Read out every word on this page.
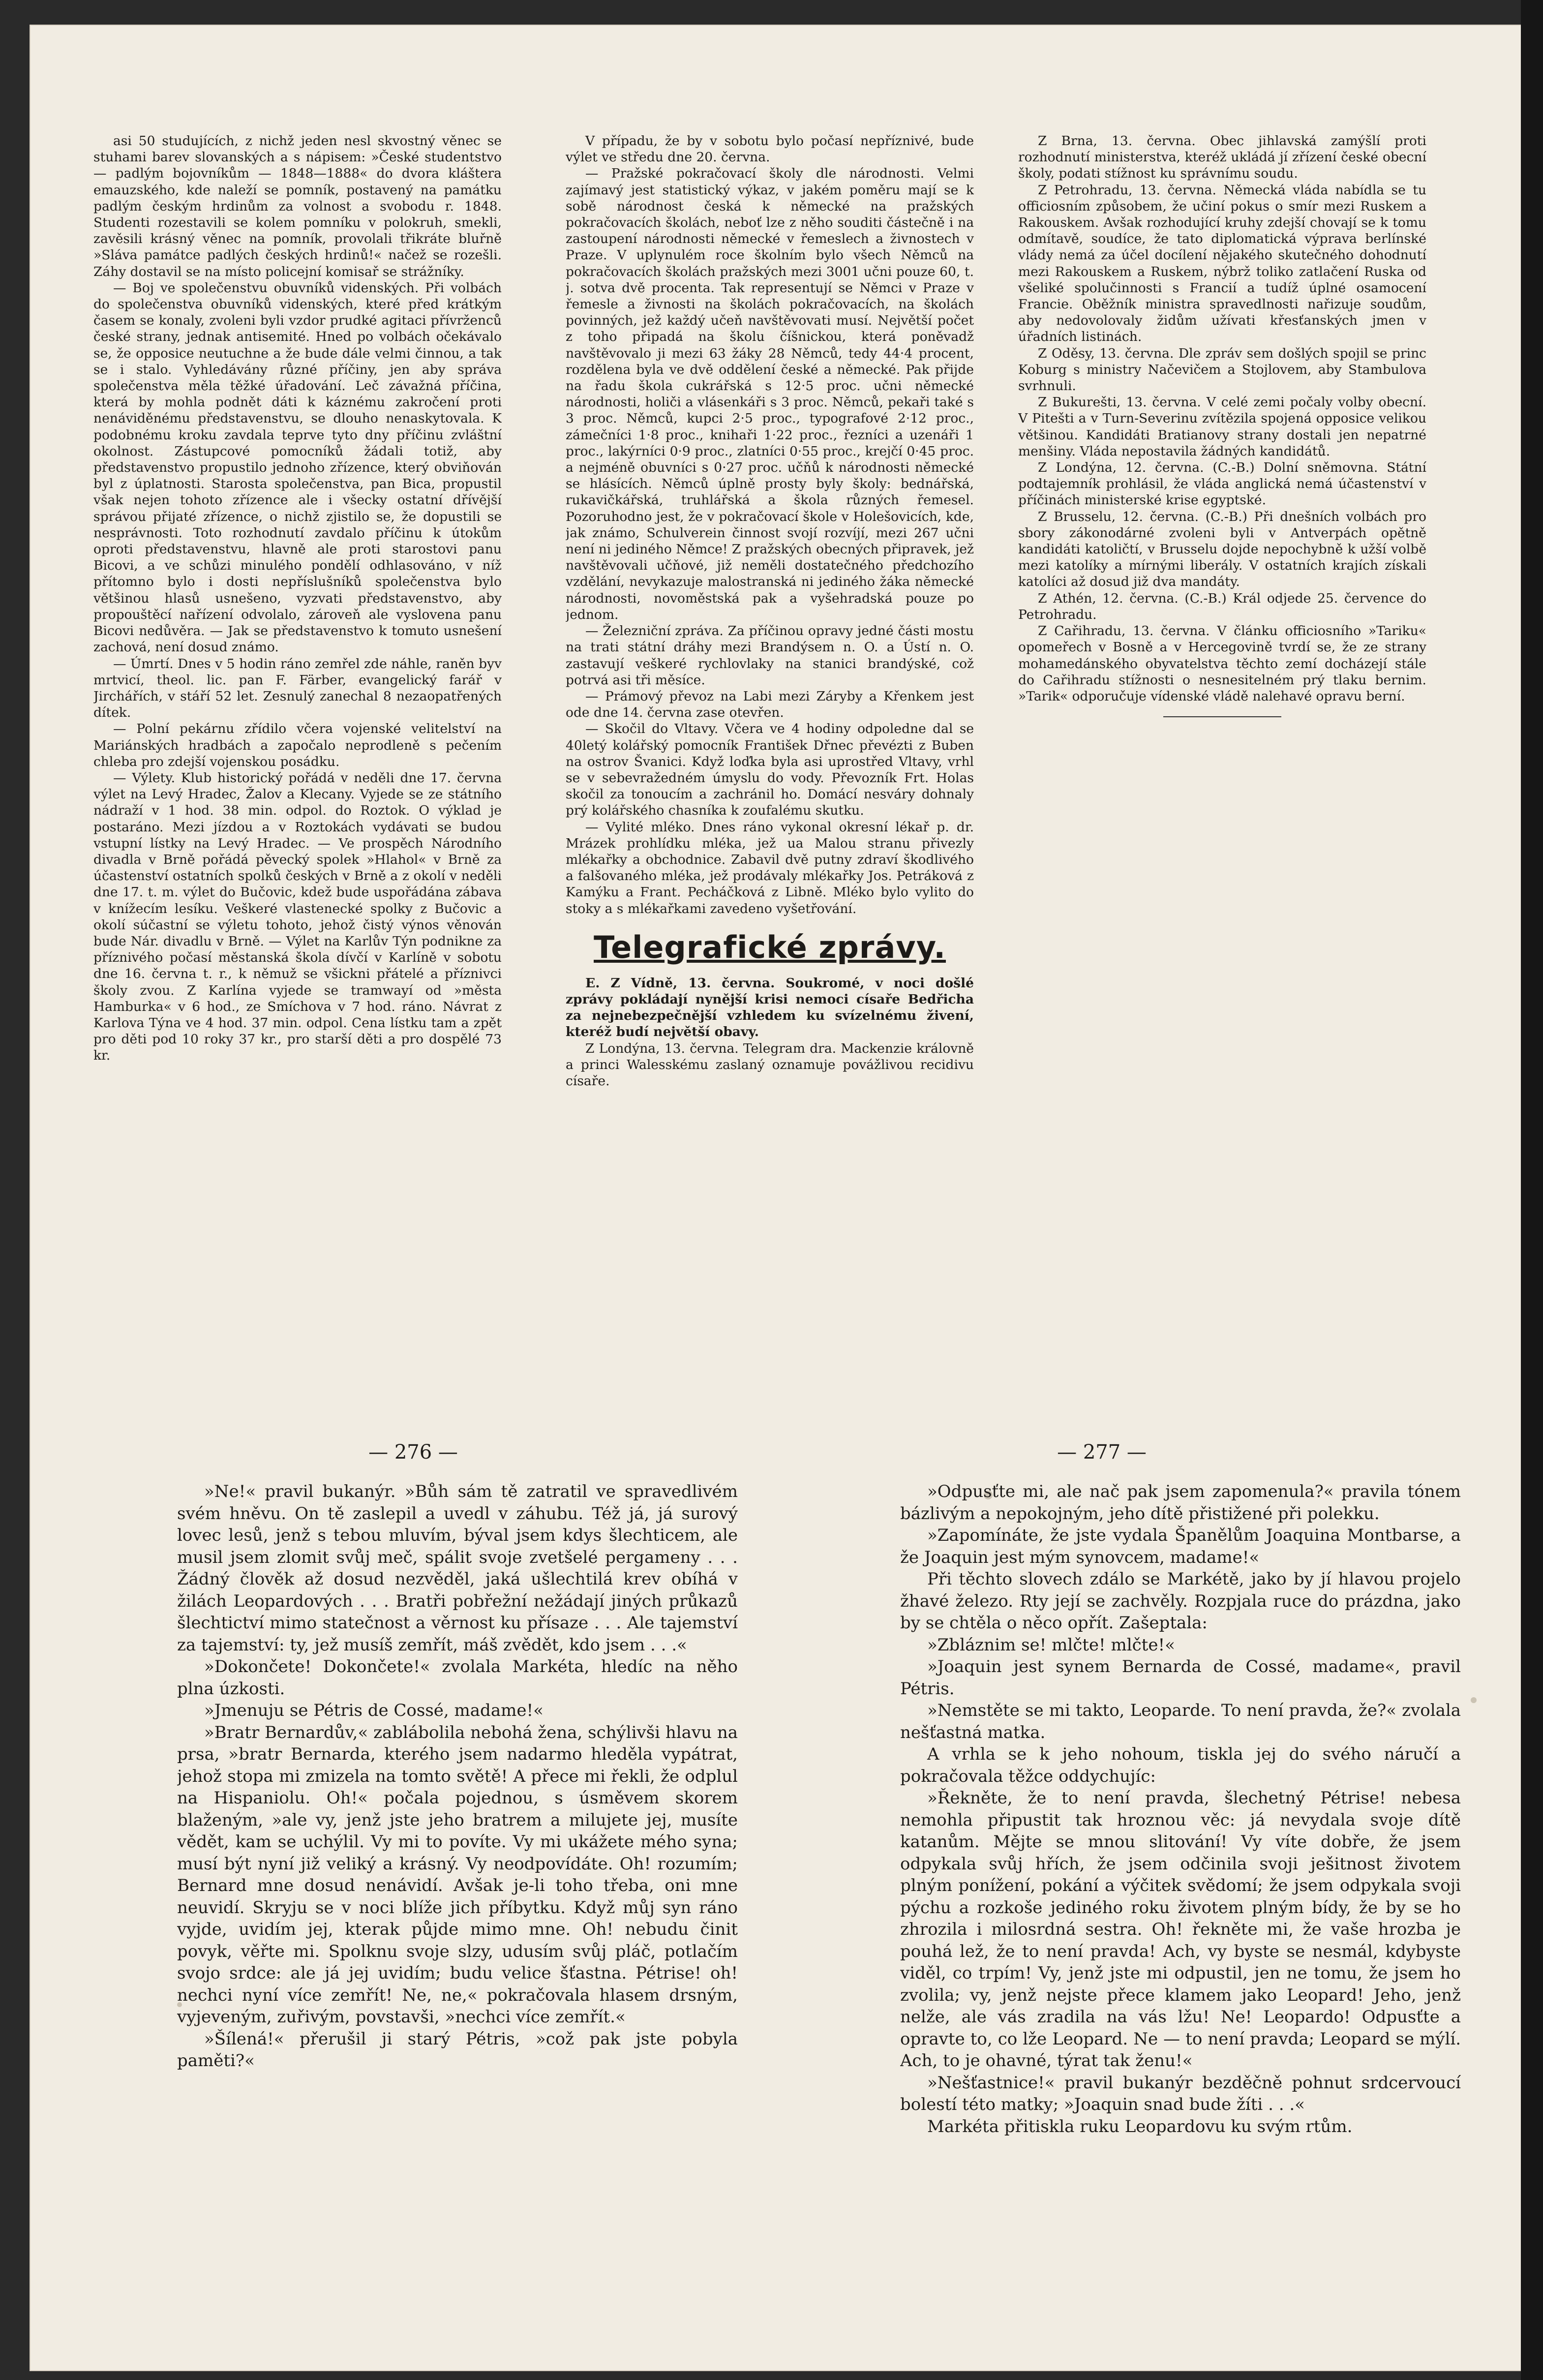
asi 50 studujících, z nichž jeden nesl skvostný věnec se stuhami barev slovanských a s nápisem: »České studentstvo — padlým bojovníkům — 1848—1888« do dvora kláštera emauzského, kde naleží se pomník, postavený na památku padlým českým hrdinům za volnost a svobodu r. 1848. Studenti rozestavili se kolem pomníku v polokruh, smekli, zavěsili krásný věnec na pomník, provolali třikráte bluřně »Sláva památce padlých českých hrdinů!« načež se rozešli. Záhy dostavil se na místo policejní komisař se strážníky.

— Boj ve společenstvu obuvníků videnských. Při volbách do společenstva obuvníků videnských, které před krátkým časem se konaly, zvoleni byli vzdor prudké agitaci přívrženců české strany, jednak antisemité. Hned po volbách očekávalo se, že opposice neutuchne a že bude dále velmi činnou, a tak se i stalo. Vyhledávány různé příčiny, jen aby správa společenstva měla těžké úřadování. Leč závažná příčina, která by mohla podnět dáti k káznému zakročení proti nenáviděnému představenstvu, se dlouho nenaskytovala. K podobnému kroku zavdala teprve tyto dny příčinu zvláštní okolnost. Zástupcové pomocníků žádali totiž, aby představenstvo propustilo jednoho zřízence, který obviňován byl z úplatnosti. Starosta společenstva, pan Bica, propustil však nejen tohoto zřízence ale i všecky ostatní dřívější správou přijaté zřízence, o nichž zjistilo se, že dopustili se nesprávnosti. Toto rozhodnutí zavdalo příčinu k útokům oproti představenstvu, hlavně ale proti starostovi panu Bicovi, a ve schůzi minulého pondělí odhlasováno, v níž přítomno bylo i dosti nepříslušníků společenstva bylo většinou hlasů usnešeno, vyzvati představenstvo, aby propouštěcí nařízení odvolalo, zároveň ale vyslovena panu Bicovi nedůvěra. — Jak se představenstvo k tomuto usnešení zachová, není dosud známo.

— Úmrtí. Dnes v 5 hodin ráno zemřel zde náhle, raněn byv mrtvicí, theol. lic. pan F. Färber, evangelický farář v Jirchářích, v stáří 52 let. Zesnulý zanechal 8 nezaopatřených dítek.

— Polní pekárnu zřídilo včera vojenské velitelství na Mariánských hradbách a započalo neprodleně s pečením chleba pro zdejší vojenskou posádku.

— Výlety. Klub historický pořádá v neděli dne 17. června výlet na Levý Hradec, Žalov a Klecany. Vyjede se ze státního nádraží v 1 hod. 38 min. odpol. do Roztok. O výklad je postaráno. Mezi jízdou a v Roztokách vydávati se budou vstupní lístky na Levý Hradec. — Ve prospěch Národního divadla v Brně pořádá pěvecký spolek »Hlahol« v Brně za účastenství ostatních spolků českých v Brně a z okolí v neděli dne 17. t. m. výlet do Bučovic, kdež bude uspořádána zábava v knížecím lesíku. Veškeré vlastenecké spolky z Bučovic a okolí súčastní se výletu tohoto, jehož čistý výnos věnován bude Nár. divadlu v Brně. — Výlet na Karlův Týn podnikne za příznivého počasí městanská škola dívčí v Karlíně v sobotu dne 16. června t. r., k němuž se všickni přátelé a příznivci školy zvou. Z Karlína vyjede se tramwayí od »města Hamburka« v 6 hod., ze Smíchova v 7 hod. ráno. Návrat z Karlova Týna ve 4 hod. 37 min. odpol. Cena lístku tam a zpět pro děti pod 10 roky 37 kr., pro starší děti a pro dospělé 73 kr.

V případu, že by v sobotu bylo počasí nepříznivé, bude výlet ve středu dne 20. června.

— Pražské pokračovací školy dle národnosti. Velmi zajímavý jest statistický výkaz, v jakém poměru mají se k sobě národnost česká k německé na pražských pokračovacích školách, neboť lze z něho souditi částečně i na zastoupení národnosti německé v řemeslech a živnostech v Praze. V uplynulém roce školním bylo všech Němců na pokračovacích školách pražských mezi 3001 učni pouze 60, t. j. sotva dvě procenta. Tak representují se Němci v Praze v řemesle a živnosti na školách pokračovacích, na školách povinných, jež každý učeň navštěvovati musí. Největší počet z toho připadá na školu číšnickou, která poněvadž navštěvovalo ji mezi 63 žáky 28 Němců, tedy 44·4 procent, rozdělena byla ve dvě oddělení české a německé. Pak přijde na řadu škola cukrářská s 12·5 proc. učni německé národnosti, holiči a vlásenkáři s 3 proc. Němců, pekaři také s 3 proc. Němců, kupci 2·5 proc., typografové 2·12 proc., zámečníci 1·8 proc., knihaři 1·22 proc., řezníci a uzenáři 1 proc., lakýrníci 0·9 proc., zlatníci 0·55 proc., krejčí 0·45 proc. a nejméně obuvníci s 0·27 proc. učňů k národnosti německé se hlásících. Němců úplně prosty byly školy: bednářská, rukavičkářská, truhlářská a škola různých řemesel. Pozoruhodno jest, že v pokračovací škole v Holešovicích, kde, jak známo, Schulverein činnost svojí rozvíjí, mezi 267 učni není ni jediného Němce! Z pražských obecných připravek, jež navštěvovali učňové, již neměli dostatečného předchozího vzdělání, nevykazuje malostranská ni jediného žáka německé národnosti, novoměstská pak a vyšehradská pouze po jednom.

— Železniční zpráva. Za příčinou opravy jedné části mostu na trati státní dráhy mezi Brandýsem n. O. a Ústí n. O. zastavují veškeré rychlovlaky na stanici brandýské, což potrvá asi tři měsíce.

— Prámový převoz na Labi mezi Záryby a Křenkem jest ode dne 14. června zase otevřen.

— Skočil do Vltavy. Včera ve 4 hodiny odpoledne dal se 40letý kolářský pomocník František Dřnec převézti z Buben na ostrov Švanici. Když loďka byla asi uprostřed Vltavy, vrhl se v sebevražedném úmyslu do vody. Převozník Frt. Holas skočil za tonoucím a zachránil ho. Domácí nesváry dohnaly prý kolářského chasníka k zoufalému skutku.

— Vylité mléko. Dnes ráno vykonal okresní lékař p. dr. Mrázek prohlídku mléka, jež ua Malou stranu přivezly mlékařky a obchodnice. Zabavil dvě putny zdraví škodlivého a falšovaného mléka, jež prodávaly mlékařky Jos. Petráková z Kamýku a Frant. Pecháčková z Libně. Mléko bylo vylito do stoky a s mlékařkami zavedeno vyšetřování.

Telegrafické zprávy.

E. Z Vídně, 13. června. Soukromé, v noci došlé zprávy pokládají nynější krisi nemoci císaře Bedřicha za nejnebezpečnější vzhledem ku svízelnému živení, kteréž budí největší obavy.

Z Londýna, 13. června. Telegram dra. Mackenzie královně a princi Walesskému zaslaný oznamuje povážlivou recidivu císaře.

Z Brna, 13. června. Obec jihlavská zamýšlí proti rozhodnutí ministerstva, kteréž ukládá jí zřízení české obecní školy, podati stížnost ku správnímu soudu.

Z Petrohradu, 13. června. Německá vláda nabídla se tu officiosním způsobem, že učiní pokus o smír mezi Ruskem a Rakouskem. Avšak rozhodující kruhy zdejší chovají se k tomu odmítavě, soudíce, že tato diplomatická výprava berlínské vlády nemá za účel docílení nějakého skutečného dohodnutí mezi Rakouskem a Ruskem, nýbrž toliko zatlačení Ruska od všeliké spolučinnosti s Francií a tudíž úplné osamocení Francie. Oběžník ministra spravedlnosti nařizuje soudům, aby nedovolovaly židům užívati křesťanských jmen v úřadních listinách.

Z Oděsy, 13. června. Dle zpráv sem došlých spojil se princ Koburg s ministry Načevičem a Stojlovem, aby Stambulova svrhnuli.

Z Bukurešti, 13. června. V celé zemi počaly volby obecní. V Pitešti a v Turn-Severinu zvítězila spojená opposice velikou většinou. Kandidáti Bratianovy strany dostali jen nepatrné menšiny. Vláda nepostavila žádných kandidátů.

Z Londýna, 12. června. (C.-B.) Dolní sněmovna. Státní podtajemník prohlásil, že vláda anglická nemá účastenství v příčinách ministerské krise egyptské.

Z Brusselu, 12. června. (C.-B.) Při dnešních volbách pro sbory zákonodárné zvoleni byli v Antverpách opětně kandidáti katoličtí, v Brusselu dojde nepochybně k užší volbě mezi katolíky a mírnými liberály. V ostatních krajích získali katolíci až dosud již dva mandáty.

Z Athén, 12. června. (C.-B.) Král odjede 25. července do Petrohradu.

Z Cařihradu, 13. června. V článku officiosního »Tariku« opomeřech v Bosně a v Hercegovině tvrdí se, že ze strany mohamedánského obyvatelstva těchto zemí docházejí stále do Cařihradu stížnosti o nesnesitelném prý tlaku bernim. »Tarik« odporučuje vídenské vládě nalehavé opravu berní.

— 276 —	— 277 —

»Ne!« pravil bukanýr. »Bůh sám tě zatratil ve spravedlivém svém hněvu. On tě zaslepil a uvedl v záhubu. Též já, já surový lovec lesů, jenž s tebou mluvím, býval jsem kdys šlechticem, ale musil jsem zlomit svůj meč, spálit svoje zvetšelé pergameny . . . Žádný člověk až dosud nezvěděl, jaká ušlechtilá krev obíhá v žilách Leopardových . . . Bratři pobřežní nežádají jiných průkazů šlechtictví mimo statečnost a věrnost ku přísaze . . . Ale tajemství za tajemství: ty, jež musíš zemřít, máš zvědět, kdo jsem . . .«

»Dokončete! Dokončete!« zvolala Markéta, hledíc na něho plna úzkosti.

»Jmenuju se Pétris de Cossé, madame!«

»Bratr Bernardův,« zablábolila nebohá žena, schýlivši hlavu na prsa, »bratr Bernarda, kterého jsem nadarmo hleděla vypátrat, jehož stopa mi zmizela na tomto světě! A přece mi řekli, že odplul na Hispaniolu. Oh!« počala pojednou, s úsměvem skorem blaženým, »ale vy, jenž jste jeho bratrem a milujete jej, musíte vědět, kam se uchýlil. Vy mi to povíte. Vy mi ukážete mého syna; musí být nyní již veliký a krásný. Vy neodpovídáte. Oh! rozumím; Bernard mne dosud nenávidí. Avšak je-li toho třeba, oni mne neuvidí. Skryju se v noci blíže jich příbytku. Když můj syn ráno vyjde, uvidím jej, kterak půjde mimo mne. Oh! nebudu činit povyk, věřte mi. Spolknu svoje slzy, udusím svůj pláč, potlačím svojo srdce: ale já jej uvidím; budu velice šťastna. Pétrise! oh! nechci nyní více zemřít! Ne, ne,« pokračovala hlasem drsným, vyjeveným, zuřivým, povstavši, »nechci více zemřít.«

»Šílená!« přerušil ji starý Pétris, »což pak jste pobyla paměti?«

»Odpusťte mi, ale nač pak jsem zapomenula?« pravila tónem bázlivým a nepokojným, jeho dítě přistižené při polekku.

»Zapomínáte, že jste vydala Španělům Joaquina Montbarse, a že Joaquin jest mým synovcem, madame!«

Při těchto slovech zdálo se Markétě, jako by jí hlavou projelo žhavé železo. Rty její se zachvěly. Rozpjala ruce do prázdna, jako by se chtěla o něco opřít. Zašeptala:

»Zbláznim se! mlčte! mlčte!«

»Joaquin jest synem Bernarda de Cossé, madame«, pravil Pétris.

»Nemstěte se mi takto, Leoparde. To není pravda, že?« zvolala nešťastná matka.

A vrhla se k jeho nohoum, tiskla jej do svého náručí a pokračovala těžce oddychujíc:

»Řekněte, že to není pravda, šlechetný Pétrise! nebesa nemohla připustit tak hroznou věc: já nevydala svoje dítě katanům. Mějte se mnou slitování! Vy víte dobře, že jsem odpykala svůj hřích, že jsem odčinila svoji ješitnost životem plným ponížení, pokání a výčitek svědomí; že jsem odpykala svoji pýchu a rozkoše jediného roku životem plným bídy, že by se ho zhrozila i milosrdná sestra. Oh! řekněte mi, že vaše hrozba je pouhá lež, že to není pravda! Ach, vy byste se nesmál, kdybyste viděl, co trpím! Vy, jenž jste mi odpustil, jen ne tomu, že jsem ho zvolila; vy, jenž nejste přece klamem jako Leopard! Jeho, jenž nelže, ale vás zradila na vás lžu! Ne! Leopardo! Odpusťte a opravte to, co lže Leopard. Ne — to není pravda; Leopard se mýlí. Ach, to je ohavné, týrat tak ženu!«

»Nešťastnice!« pravil bukanýr bezděčně pohnut srdcervoucí bolestí této matky; »Joaquin snad bude žíti . . .«

Markéta přitiskla ruku Leopardovu ku svým rtům.
